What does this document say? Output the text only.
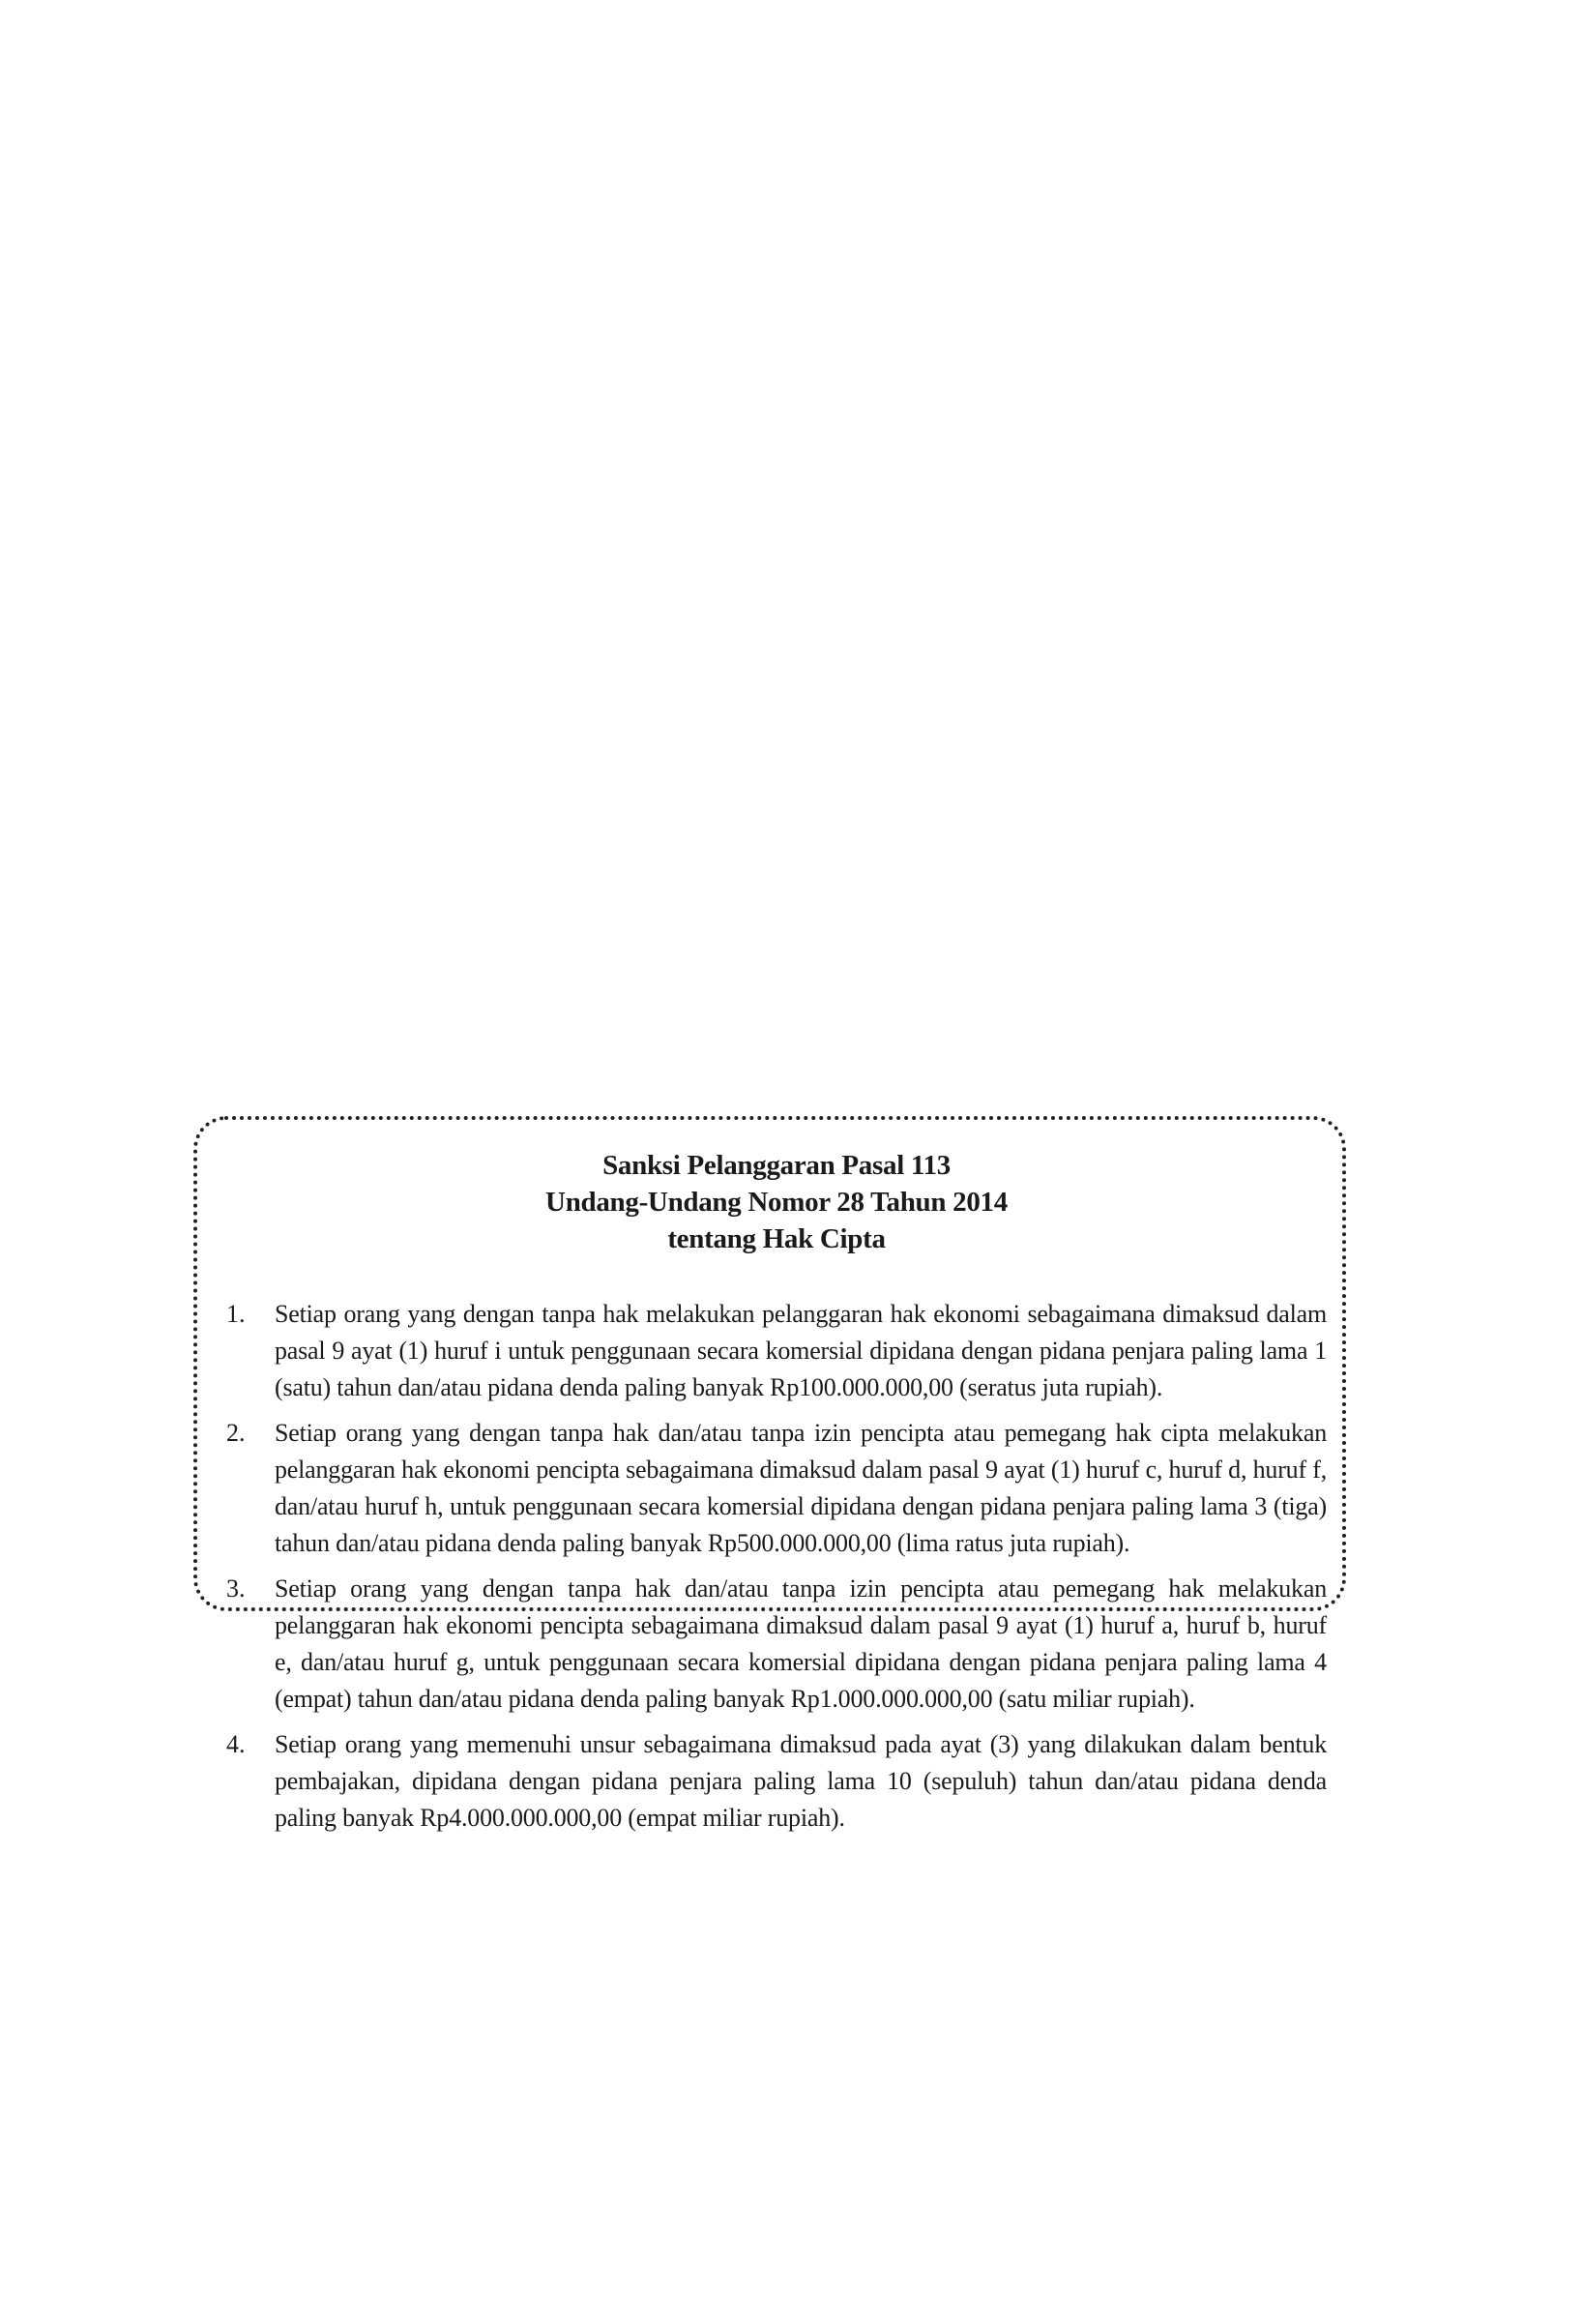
Sanksi Pelanggaran Pasal 113
Undang-Undang Nomor 28 Tahun 2014
tentang Hak Cipta
1.	Setiap orang yang dengan tanpa hak melakukan pelanggaran hak ekonomi sebagaimana dimaksud dalam pasal 9 ayat (1) huruf i untuk penggunaan secara komersial dipidana dengan pidana penjara paling lama 1 (satu) tahun dan/atau pidana denda paling banyak Rp100.000.000,00 (seratus juta rupiah).
2.	Setiap orang yang dengan tanpa hak dan/atau tanpa izin pencipta atau pemegang hak cipta melakukan pelanggaran hak ekonomi pencipta sebagaimana dimaksud dalam pasal 9 ayat (1) huruf c, huruf d, huruf f, dan/atau huruf h, untuk penggunaan secara komersial dipidana dengan pidana penjara paling lama 3 (tiga) tahun dan/atau pidana denda paling banyak Rp500.000.000,00 (lima ratus juta rupiah).
3.	Setiap orang yang dengan tanpa hak dan/atau tanpa izin pencipta atau pemegang hak melakukan pelanggaran hak ekonomi pencipta sebagaimana dimaksud dalam pasal 9 ayat (1) huruf a, huruf b, huruf e, dan/atau huruf g, untuk penggunaan secara komersial dipidana dengan pidana penjara paling lama 4 (empat) tahun dan/atau pidana denda paling banyak Rp1.000.000.000,00 (satu miliar rupiah).
4.	Setiap orang yang memenuhi unsur sebagaimana dimaksud pada ayat (3) yang dilakukan dalam bentuk pembajakan, dipidana dengan pidana penjara paling lama 10 (sepuluh) tahun dan/atau pidana denda paling banyak Rp4.000.000.000,00 (empat miliar rupiah).
